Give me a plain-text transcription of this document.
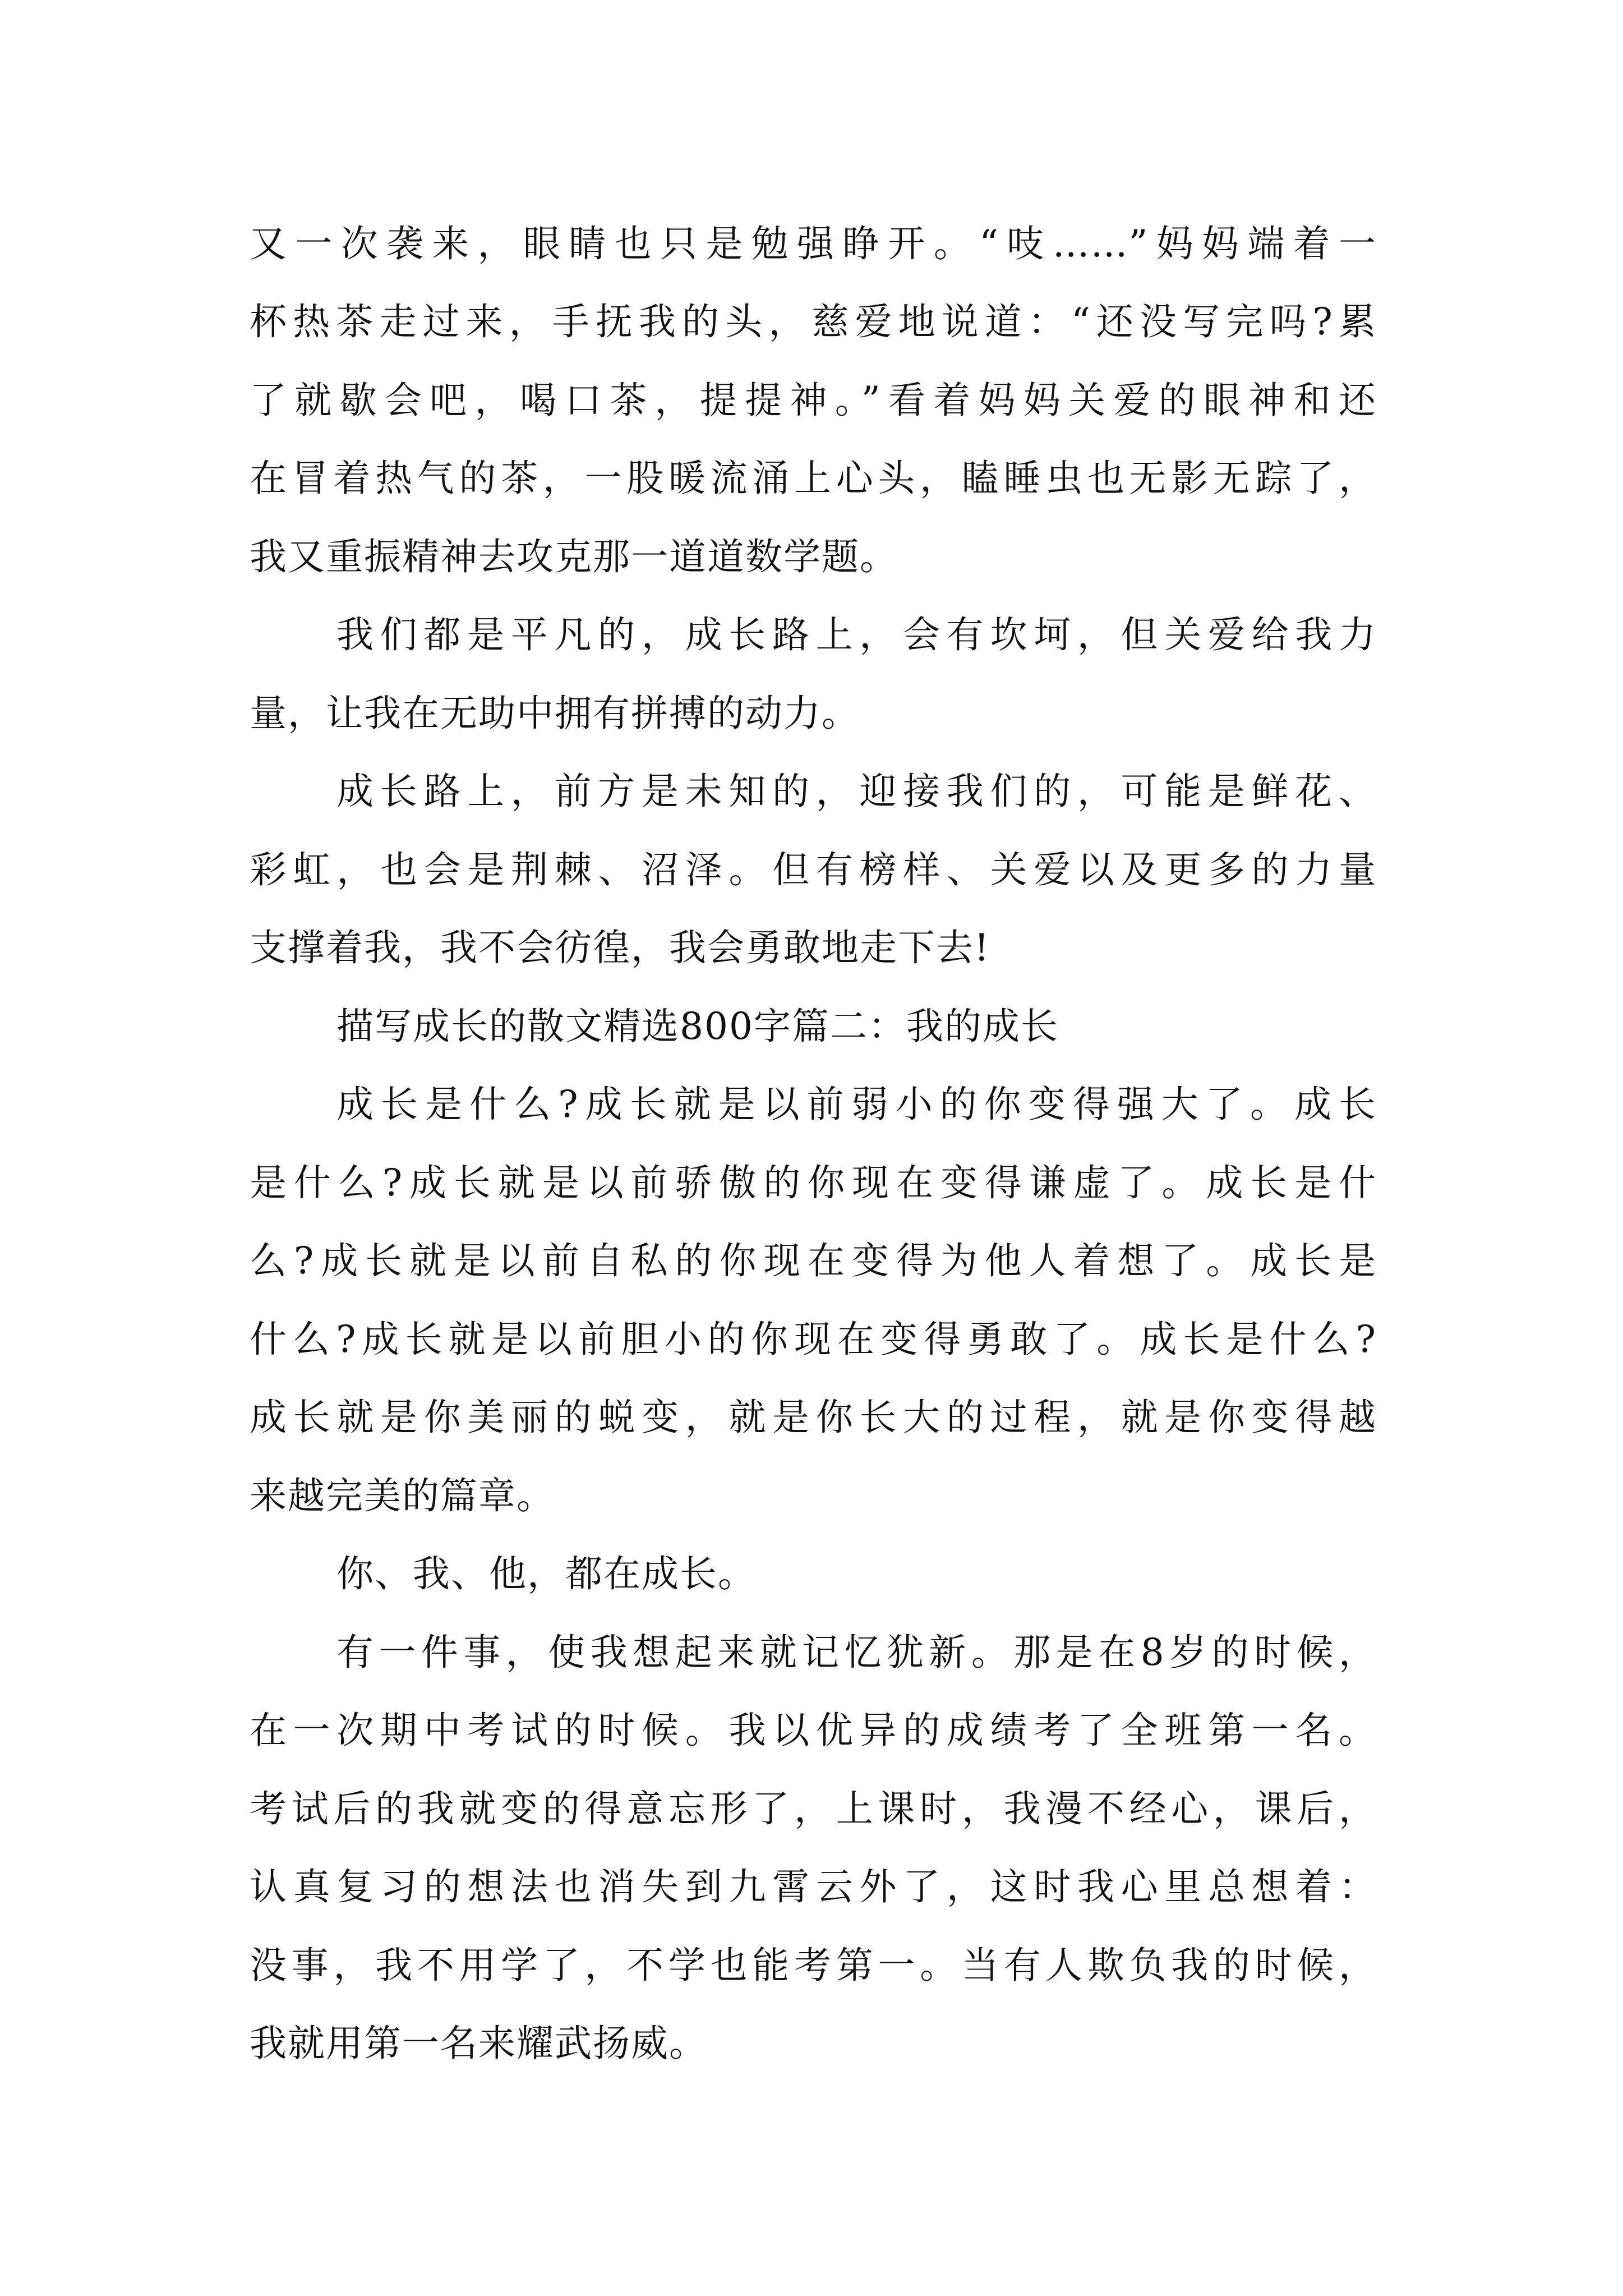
又一次袭来，眼睛也只是勉强睁开。“吱……”妈妈端着一
杯热茶走过来，手抚我的头，慈爱地说道：“还没写完吗?累
了就歇会吧，喝口茶，提提神。”看着妈妈关爱的眼神和还
在冒着热气的茶，一股暖流涌上心头，瞌睡虫也无影无踪了，
我又重振精神去攻克那一道道数学题。
我们都是平凡的，成长路上，会有坎坷，但关爱给我力
量，让我在无助中拥有拼搏的动力。
成长路上，前方是未知的，迎接我们的，可能是鲜花、
彩虹，也会是荆棘、沼泽。但有榜样、关爱以及更多的力量
支撑着我，我不会彷徨，我会勇敢地走下去!
描写成长的散文精选800字篇二：我的成长
成长是什么?成长就是以前弱小的你变得强大了。成长
是什么?成长就是以前骄傲的你现在变得谦虚了。成长是什
么?成长就是以前自私的你现在变得为他人着想了。成长是
什么?成长就是以前胆小的你现在变得勇敢了。成长是什么?
成长就是你美丽的蜕变，就是你长大的过程，就是你变得越
来越完美的篇章。
你、我、他，都在成长。
有一件事，使我想起来就记忆犹新。那是在8岁的时候，
在一次期中考试的时候。我以优异的成绩考了全班第一名。
考试后的我就变的得意忘形了，上课时，我漫不经心，课后，
认真复习的想法也消失到九霄云外了，这时我心里总想着：
没事，我不用学了，不学也能考第一。当有人欺负我的时候，
我就用第一名来耀武扬威。
